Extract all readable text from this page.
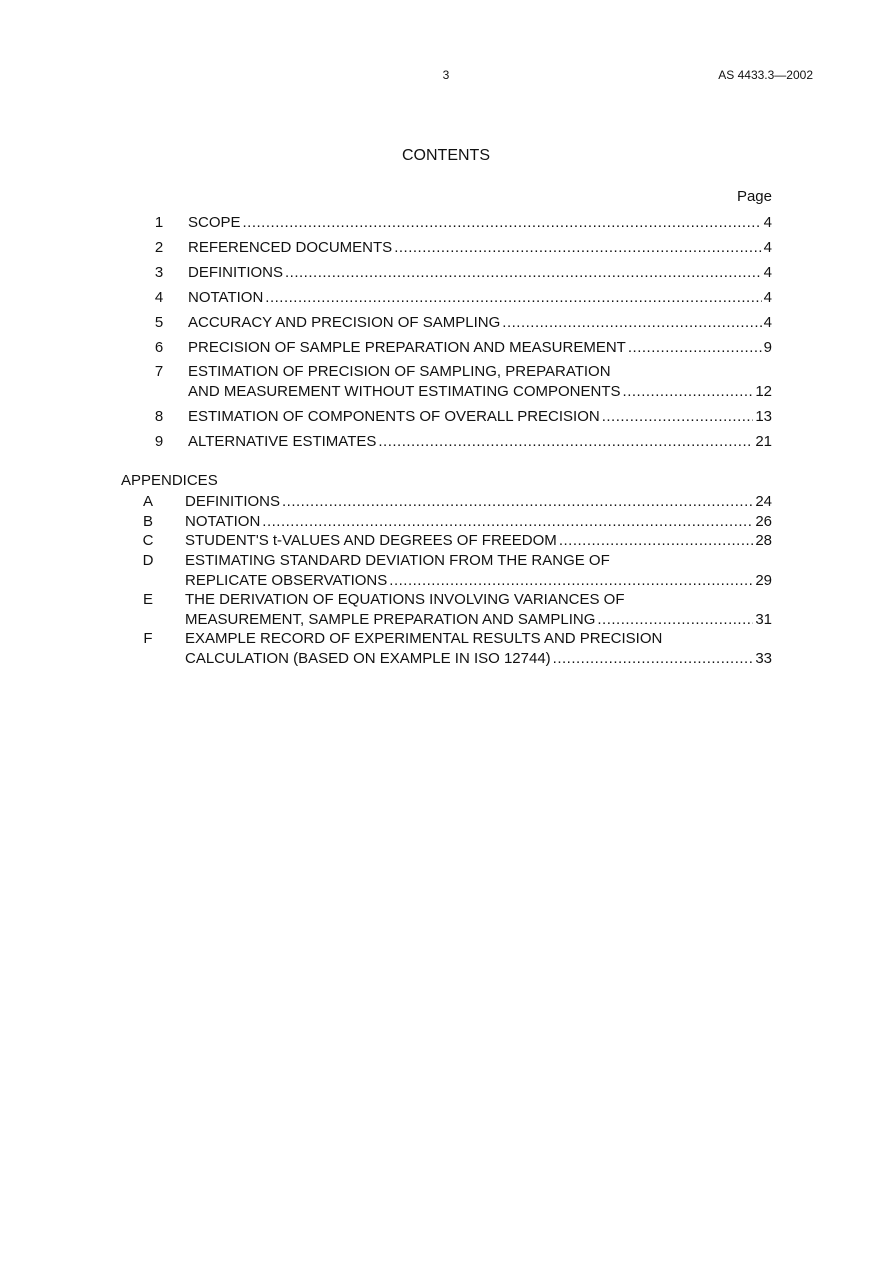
3	AS 4433.3—2002
CONTENTS
Page
1	SCOPE .....	4
2	REFERENCED DOCUMENTS .....	4
3	DEFINITIONS .....	4
4	NOTATION .....	4
5	ACCURACY AND PRECISION OF SAMPLING .....	4
6	PRECISION OF SAMPLE PREPARATION AND MEASUREMENT .....	9
7	ESTIMATION OF PRECISION OF SAMPLING, PREPARATION
AND MEASUREMENT WITHOUT ESTIMATING COMPONENTS .....	12
8	ESTIMATION OF COMPONENTS OF OVERALL PRECISION .....	13
9	ALTERNATIVE ESTIMATES .....	21
APPENDICES
A	DEFINITIONS .....	24
B	NOTATION .....	26
C	STUDENT'S t-VALUES AND DEGREES OF FREEDOM .....	28
D	ESTIMATING STANDARD DEVIATION FROM THE RANGE OF
REPLICATE OBSERVATIONS .....	29
E	THE DERIVATION OF EQUATIONS INVOLVING VARIANCES OF
MEASUREMENT, SAMPLE PREPARATION AND SAMPLING .....	31
F	EXAMPLE RECORD OF EXPERIMENTAL RESULTS AND PRECISION
CALCULATION (BASED ON EXAMPLE IN ISO 12744) .....	33
